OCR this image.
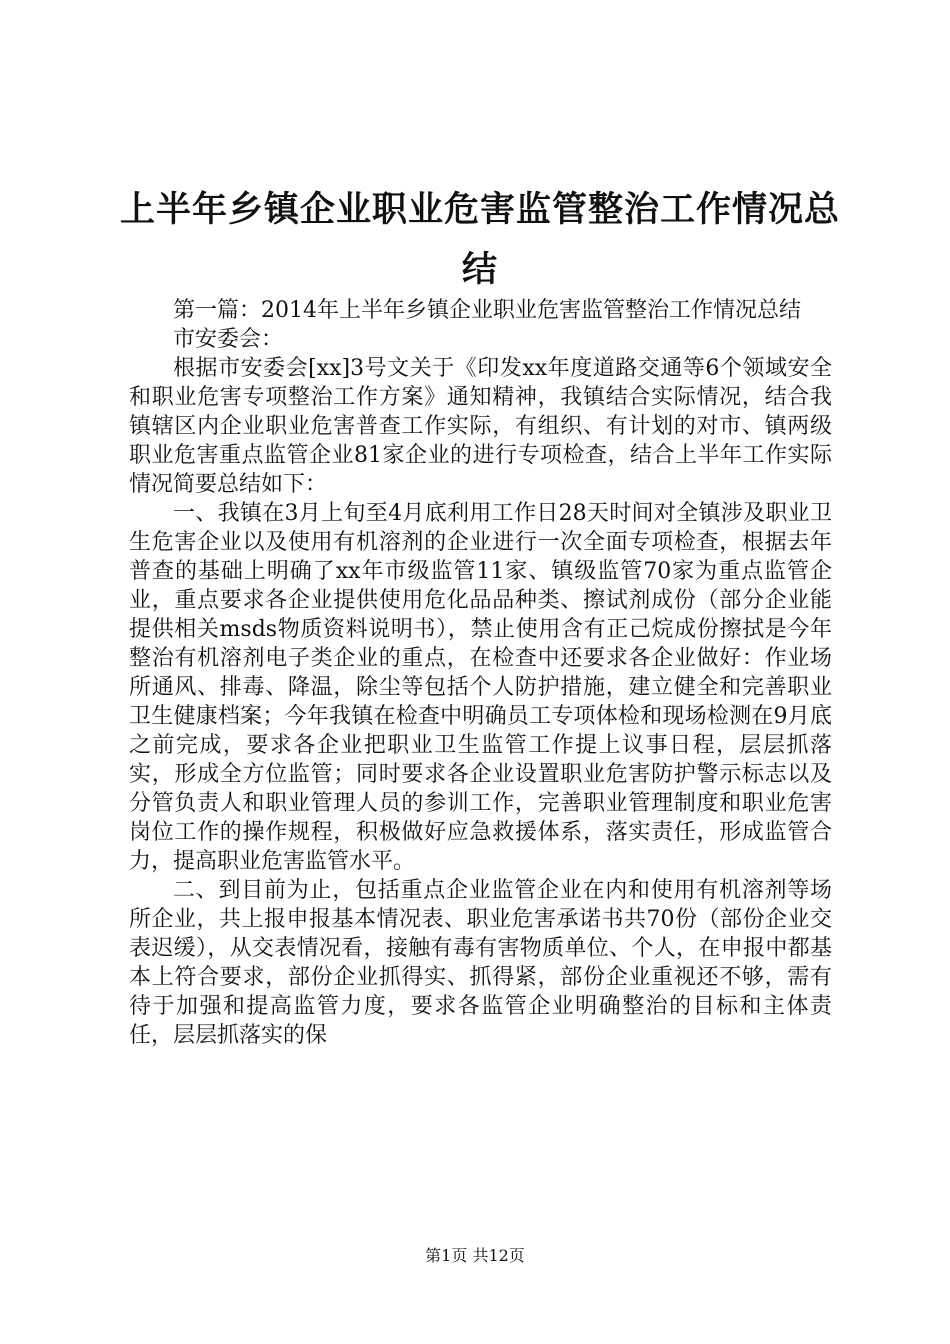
上半年乡镇企业职业危害监管整治工作情况总结

第一篇：2014年上半年乡镇企业职业危害监管整治工作情况总结

市安委会：

根据市安委会[xx]3号文关于《印发xx年度道路交通等6个领域安全和职业危害专项整治工作方案》通知精神，我镇结合实际情况，结合我镇辖区内企业职业危害普查工作实际，有组织、有计划的对市、镇两级职业危害重点监管企业81家企业的进行专项检查，结合上半年工作实际情况简要总结如下：

一、我镇在3月上旬至4月底利用工作日28天时间对全镇涉及职业卫生危害企业以及使用有机溶剂的企业进行一次全面专项检查，根据去年普查的基础上明确了xx年市级监管11家、镇级监管70家为重点监管企业，重点要求各企业提供使用危化品品种类、擦试剂成份（部分企业能提供相关msds物质资料说明书），禁止使用含有正己烷成份擦拭是今年整治有机溶剂电子类企业的重点，在检查中还要求各企业做好：作业场所通风、排毒、降温，除尘等包括个人防护措施，建立健全和完善职业卫生健康档案；今年我镇在检查中明确员工专项体检和现场检测在9月底之前完成，要求各企业把职业卫生监管工作提上议事日程，层层抓落实，形成全方位监管；同时要求各企业设置职业危害防护警示标志以及分管负责人和职业管理人员的参训工作，完善职业管理制度和职业危害岗位工作的操作规程，积极做好应急救援体系，落实责任，形成监管合力，提高职业危害监管水平。

二、到目前为止，包括重点企业监管企业在内和使用有机溶剂等场所企业，共上报申报基本情况表、职业危害承诺书共70份（部份企业交表迟缓），从交表情况看，接触有毒有害物质单位、个人，在申报中都基本上符合要求，部份企业抓得实、抓得紧，部份企业重视还不够，需有待于加强和提高监管力度，要求各监管企业明确整治的目标和主体责任，层层抓落实的保

第1页 共12页
